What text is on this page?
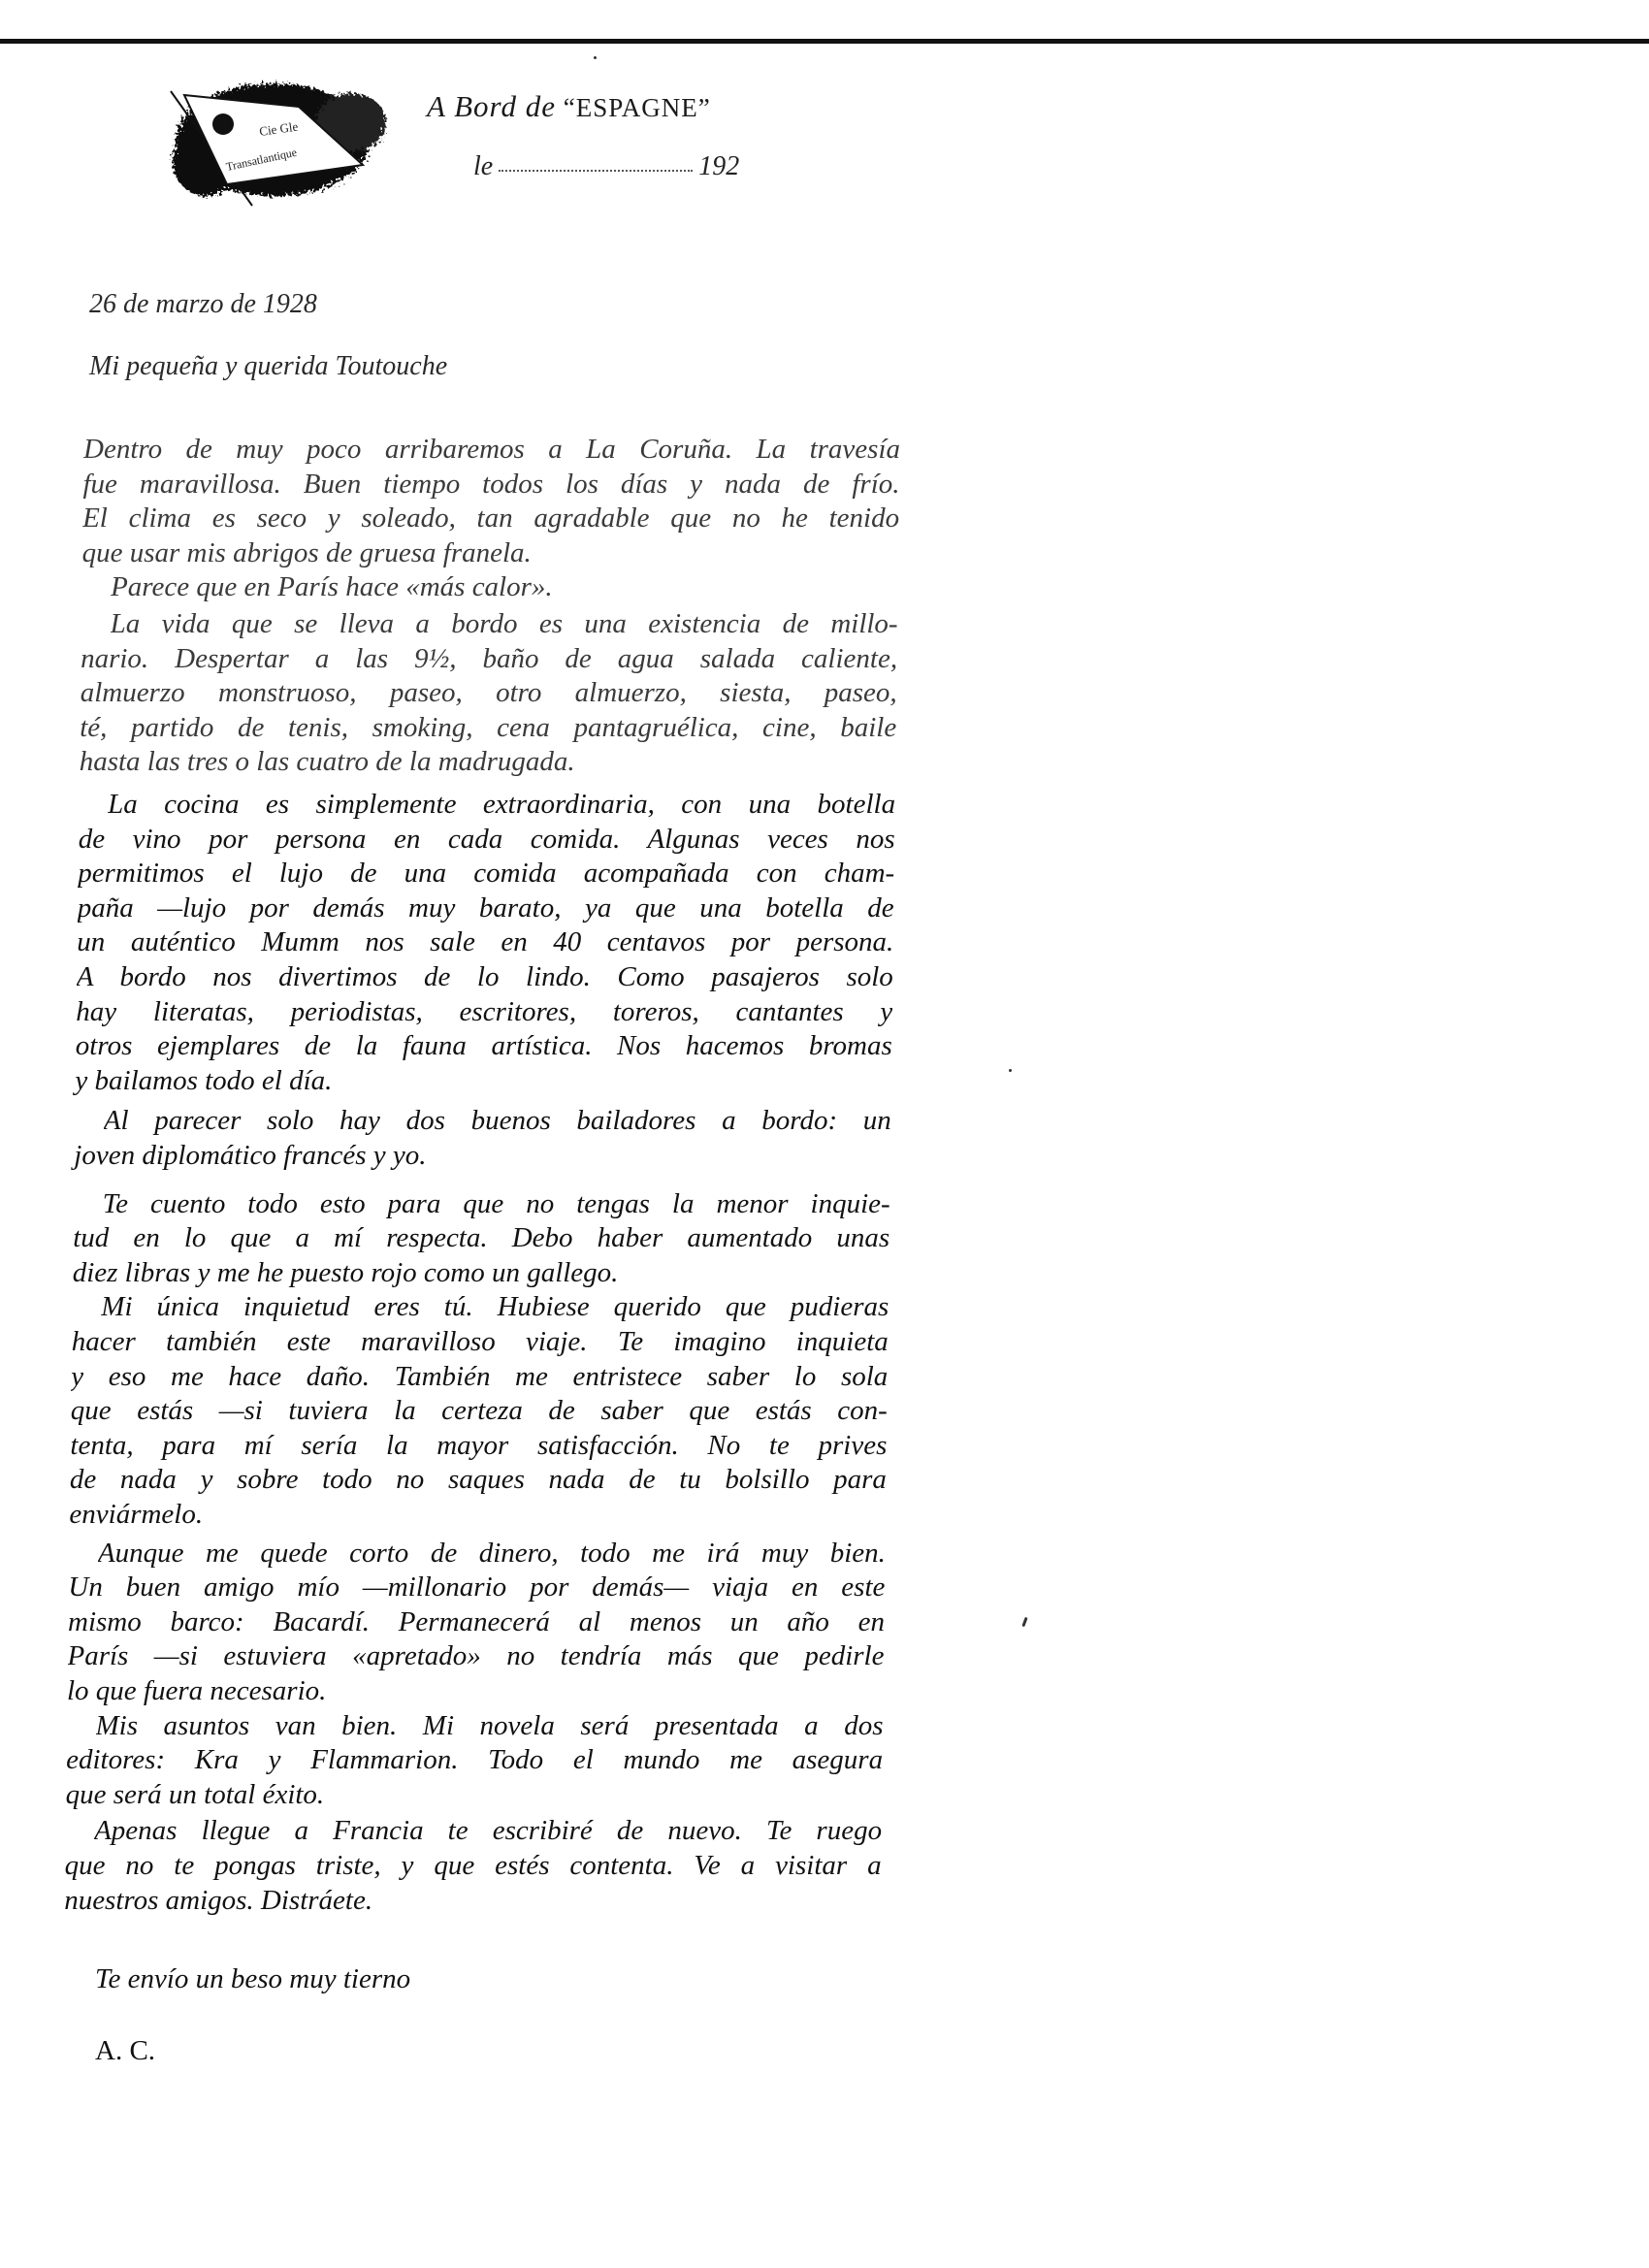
Cie Gle
Transatlantique
A Bord de “ESPAGNE”
le	192
26 de marzo de 1928
Mi pequeña y querida Toutouche
Dentro de muy poco arribaremos a La Coruña. La travesía
fue maravillosa. Buen tiempo todos los días y nada de frío.
El clima es seco y soleado, tan agradable que no he tenido
que usar mis abrigos de gruesa franela.
Parece que en París hace «más calor».
La vida que se lleva a bordo es una existencia de millo-
nario. Despertar a las 9½, baño de agua salada caliente,
almuerzo monstruoso, paseo, otro almuerzo, siesta, paseo,
té, partido de tenis, smoking, cena pantagruélica, cine, baile
hasta las tres o las cuatro de la madrugada.
La cocina es simplemente extraordinaria, con una botella
de vino por persona en cada comida. Algunas veces nos
permitimos el lujo de una comida acompañada con cham-
paña —lujo por demás muy barato, ya que una botella de
un auténtico Mumm nos sale en 40 centavos por persona.
A bordo nos divertimos de lo lindo. Como pasajeros solo
hay literatas, periodistas, escritores, toreros, cantantes y
otros ejemplares de la fauna artística. Nos hacemos bromas
y bailamos todo el día.
Al parecer solo hay dos buenos bailadores a bordo: un
joven diplomático francés y yo.
Te cuento todo esto para que no tengas la menor inquie-
tud en lo que a mí respecta. Debo haber aumentado unas
diez libras y me he puesto rojo como un gallego.
Mi única inquietud eres tú. Hubiese querido que pudieras
hacer también este maravilloso viaje. Te imagino inquieta
y eso me hace daño. También me entristece saber lo sola
que estás —si tuviera la certeza de saber que estás con-
tenta, para mí sería la mayor satisfacción. No te prives
de nada y sobre todo no saques nada de tu bolsillo para
enviármelo.
Aunque me quede corto de dinero, todo me irá muy bien.
Un buen amigo mío —millonario por demás— viaja en este
mismo barco: Bacardí. Permanecerá al menos un año en
París —si estuviera «apretado» no tendría más que pedirle
lo que fuera necesario.
Mis asuntos van bien. Mi novela será presentada a dos
editores: Kra y Flammarion. Todo el mundo me asegura
que será un total éxito.
Apenas llegue a Francia te escribiré de nuevo. Te ruego
que no te pongas triste, y que estés contenta. Ve a visitar a
nuestros amigos. Distráete.
Te envío un beso muy tierno
A. C.
